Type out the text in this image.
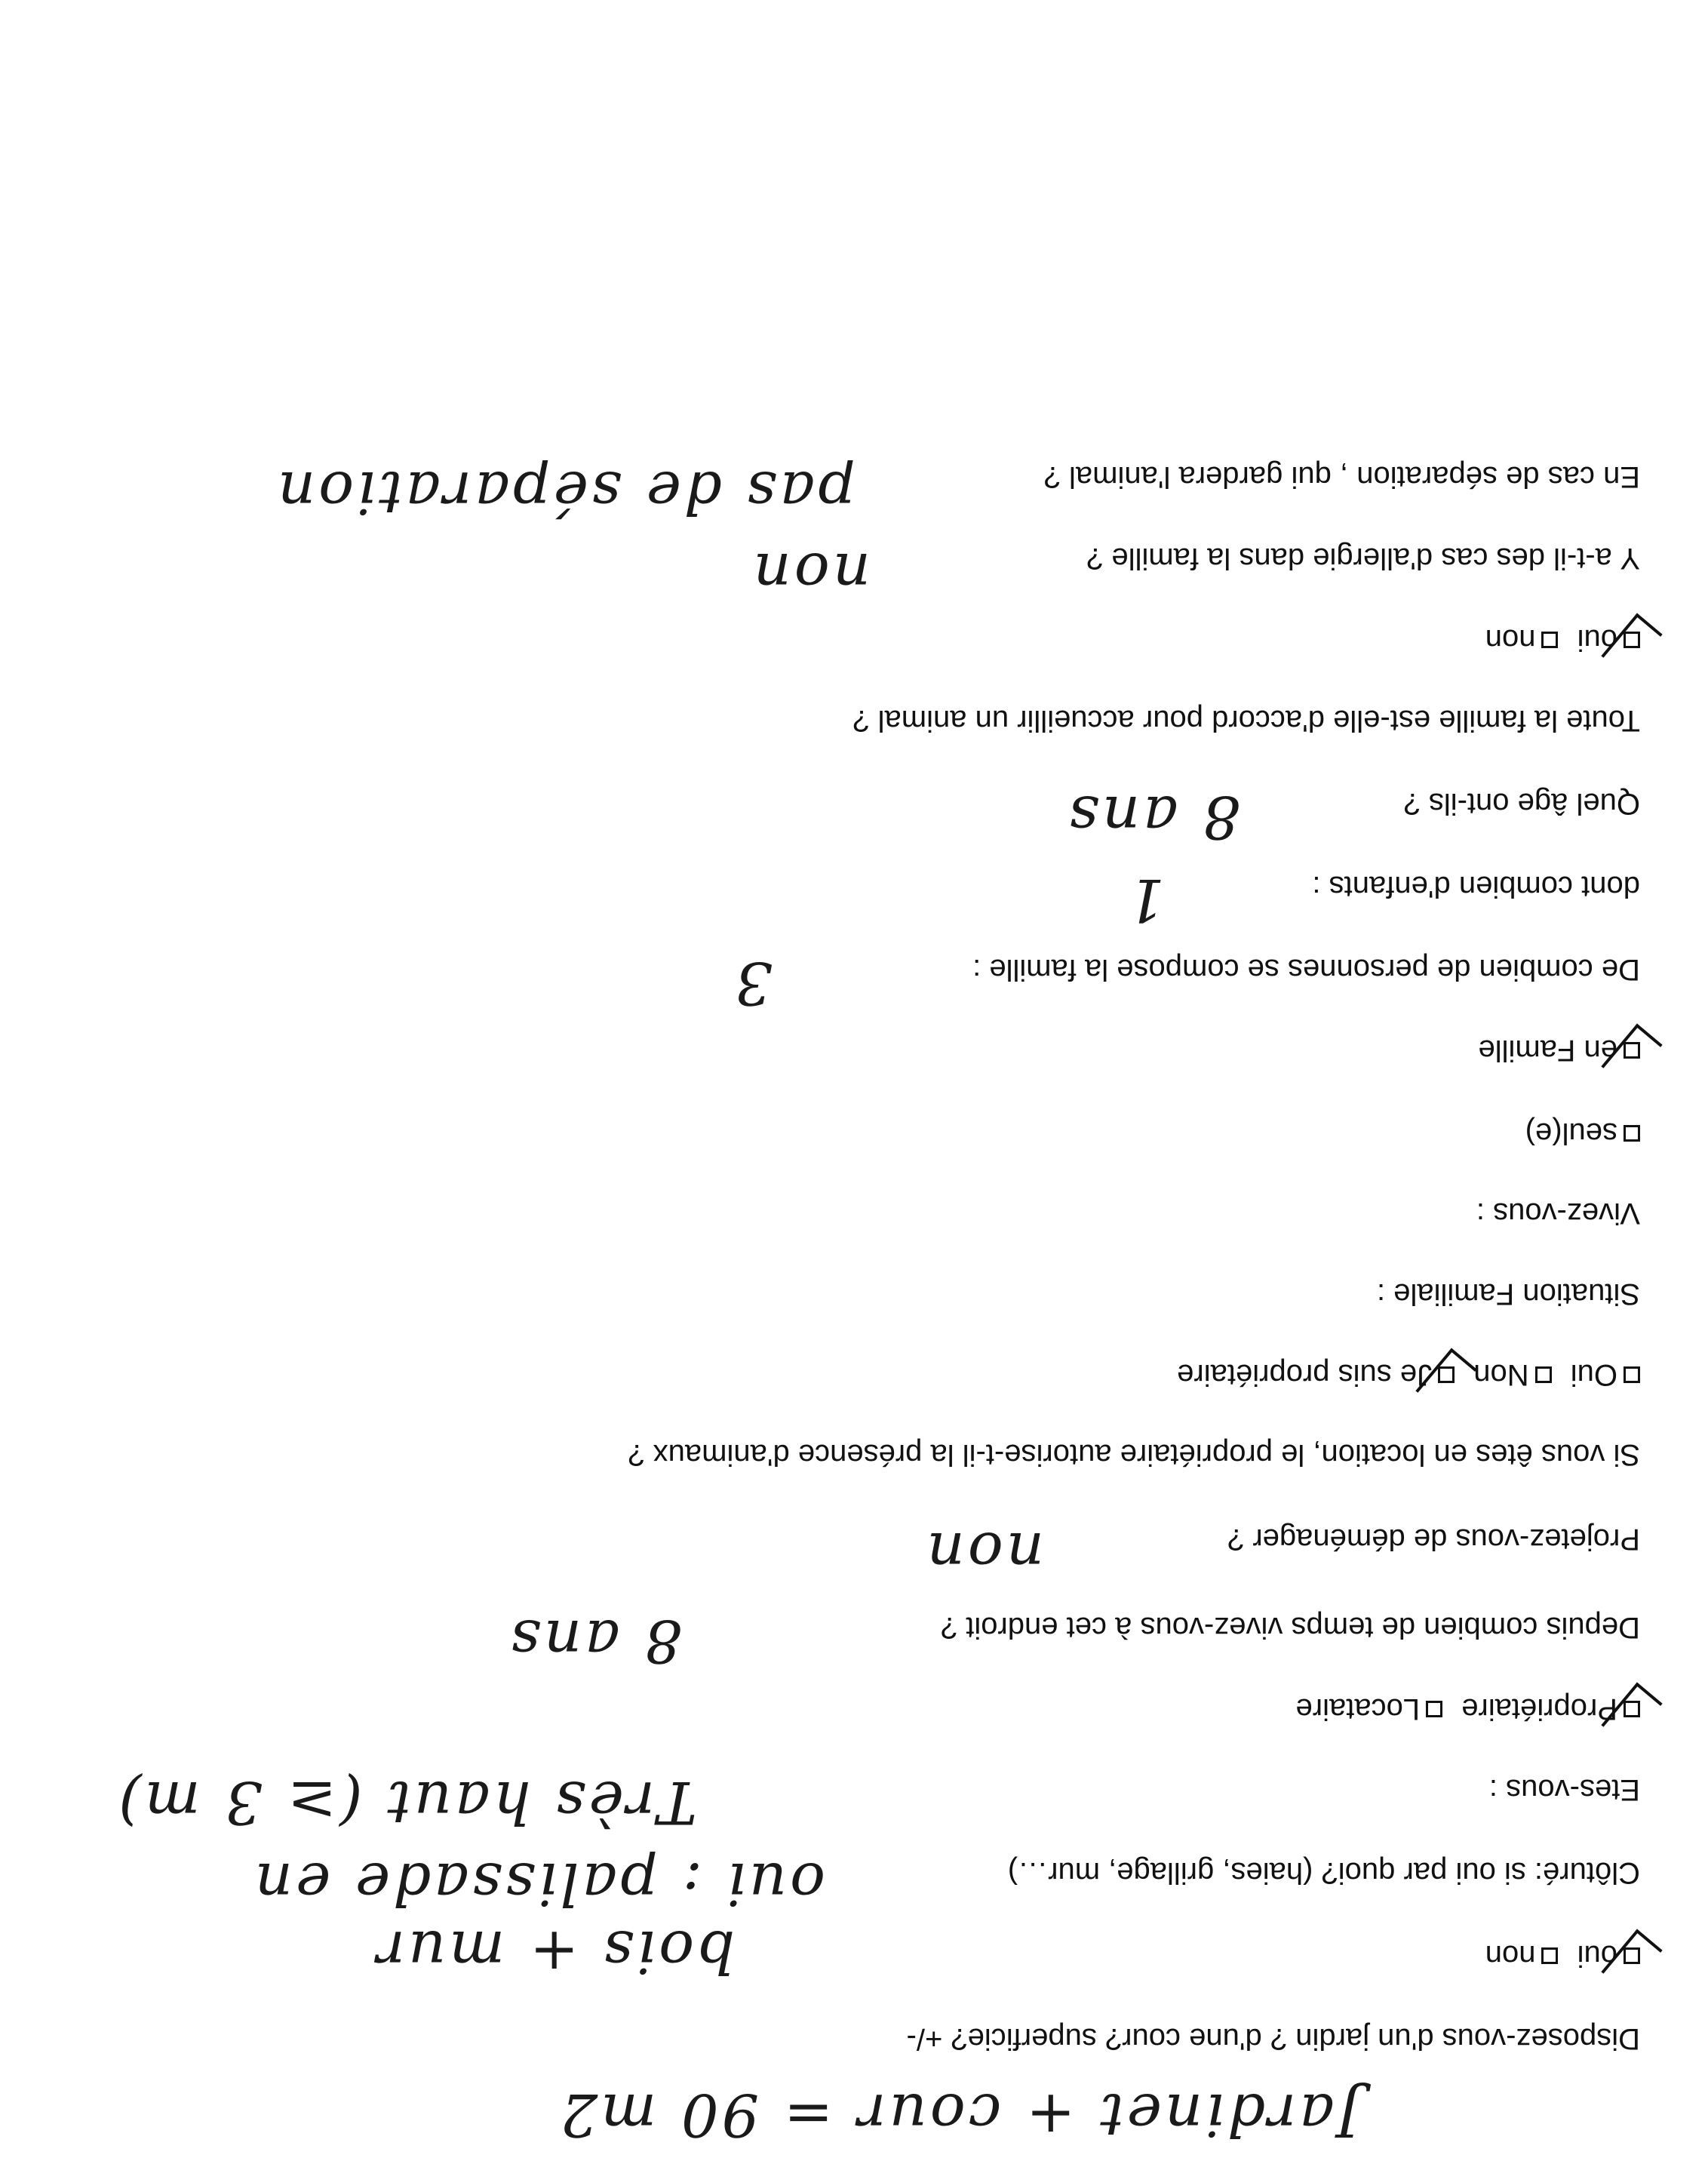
Disposez-vous d'un jardin ? d'une cour? superficie? +/-
Jardinet + cour = 90 m2
oui non
Clôturé: si oui par quoi? (haies, grillage, mur…)
oui : palissade en
bois + mur
Très haut (≥ 3 m)	Etes-vous :
Propriétaire Locataire
Depuis combien de temps vivez-vous à cet endroit ?
8 ans
Projetez-vous de déménager ?
non
Si vous êtes en location, le propriétaire autorise-t-il la présence d'animaux ?
Oui Non Je suis propriétaire
Situation Familiale :
Vivez-vous :
seul(e)
en Famille
De combien de personnes se compose la famille :
3
dont combien d'enfants :
1
Quel âge ont-ils ?
8 ans
Toute la famille est-elle d'accord pour accueillir un animal ?
oui non
Y a-t-il des cas d'allergie dans la famille ?
non
En cas de séparation , qui gardera l'animal ?
pas de séparation
